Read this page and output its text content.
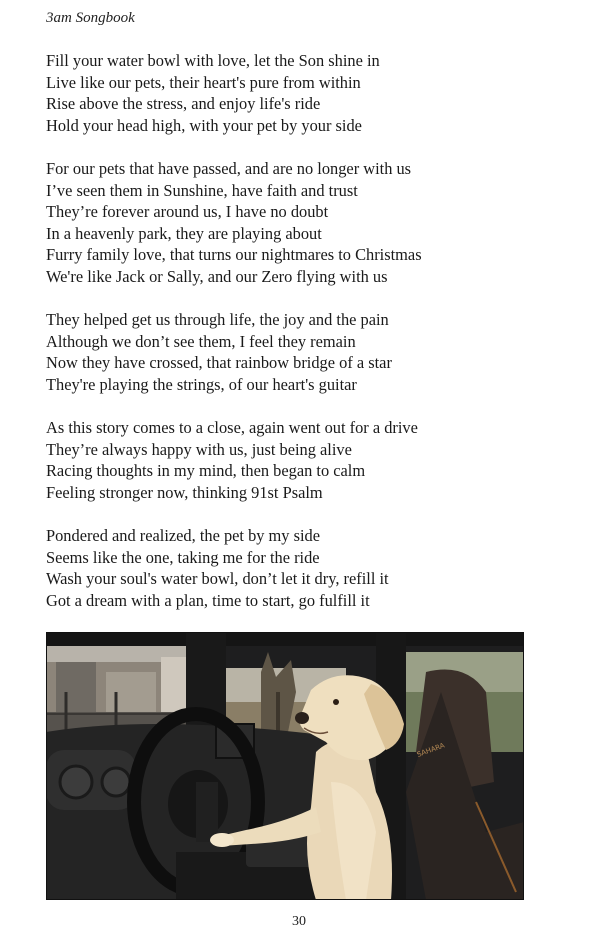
3am Songbook
Fill your water bowl with love, let the Son shine in
Live like our pets, their heart's pure from within
Rise above the stress, and enjoy life's ride
Hold your head high, with your pet by your side
For our pets that have passed, and are no longer with us
I’ve seen them in Sunshine, have faith and trust
They’re forever around us, I have no doubt
In a heavenly park, they are playing about
Furry family love, that turns our nightmares to Christmas
We're like Jack or Sally, and our Zero flying with us
They helped get us through life, the joy and the pain
Although we don’t see them, I feel they remain
Now they have crossed, that rainbow bridge of a star
They're playing the strings, of our heart's guitar
As this story comes to a close, again went out for a drive
They’re always happy with us, just being alive
Racing thoughts in my mind, then began to calm
Feeling stronger now, thinking 91st Psalm
Pondered and realized, the pet by my side
Seems like the one, taking me for the ride
Wash your soul's water bowl, don’t let it dry, refill it
Got a dream with a plan, time to start, go fulfill it
SAHARA
30
